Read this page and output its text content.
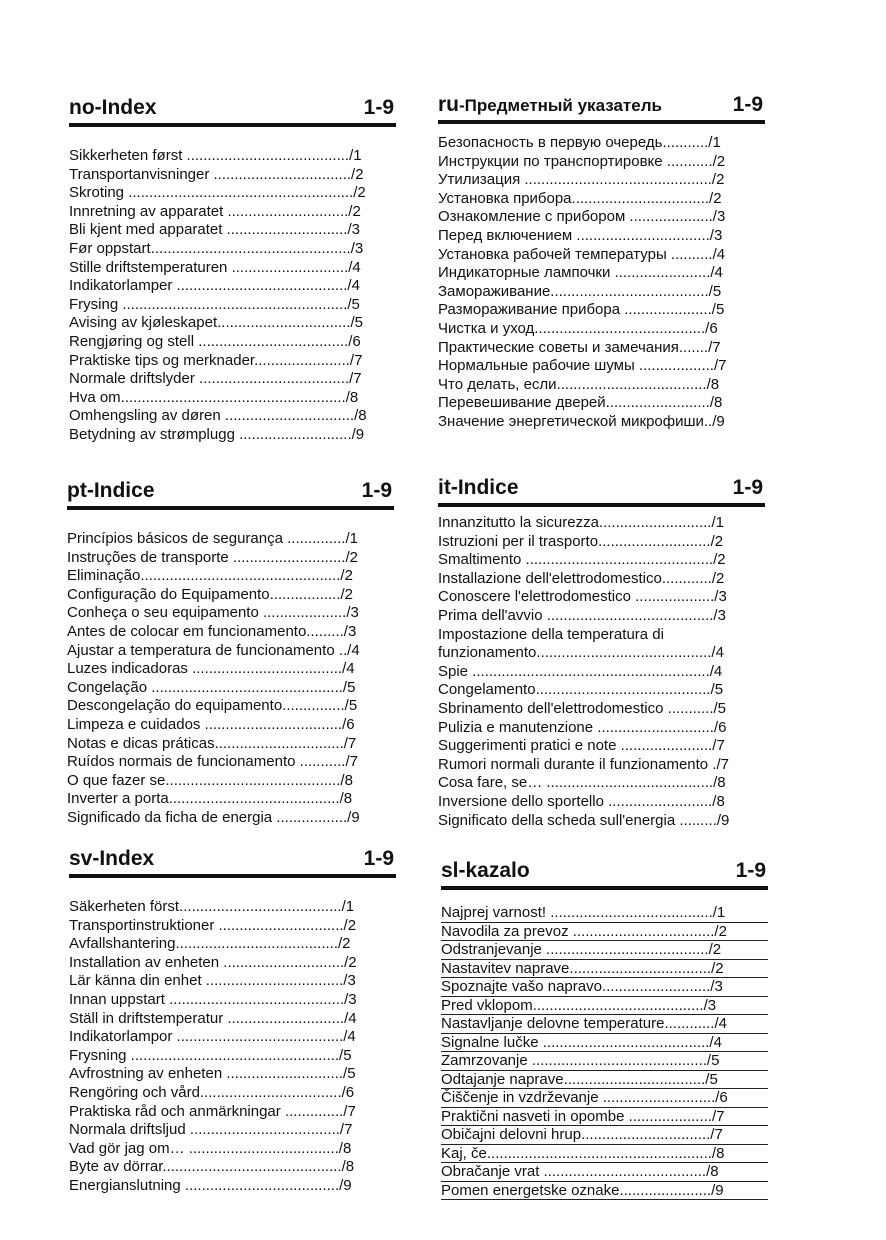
no-Index	1-9
Sikkerheten først ......................................./1
Transportanvisninger ................................./2
Skroting ....................................................../2
Innretning av apparatet ............................./2
Bli kjent med apparatet ............................./3
Før oppstart................................................/3
Stille driftstemperaturen ............................/4
Indikatorlamper ........................................./4
Frysing ....................................................../5
Avising av kjøleskapet................................/5
Rengjøring og stell ..................................../6
Praktiske tips og merknader......................./7
Normale driftslyder ..................................../7
Hva om....................................................../8
Omhengsling av døren .............................../8
Betydning av strømplugg .........................../9
ru-Предметный указатель	1-9
Безопасность в первую очередь.........../1
Инструкции по транспортировке .........../2
Утилизация ............................................./2
Установка прибора................................./2
Ознакомление с прибором ..................../3
Перед включением ................................/3
Установка рабочей температуры ........../4
Индикаторные лампочки ......................./4
Замораживание....................................../5
Размораживание прибора ...................../5
Чистка и уход........................................./6
Практические советы и замечания......./7
Нормальные рабочие шумы ................../7
Что делать, если..................................../8
Перевешивание дверей........................./8
Значение энергетической микрофиши../9
pt-Indice	1-9
Princípios básicos de segurança ............../1
Instruções de transporte .........................../2
Eliminação................................................/2
Configuração do Equipamento................./2
Conheça o seu equipamento ..................../3
Antes de colocar em funcionamento........./3
Ajustar a temperatura de funcionamento ../4
Luzes indicadoras ..................................../4
Congelação ............................................../5
Descongelação do equipamento.............../5
Limpeza e cuidados ................................./6
Notas e dicas práticas.............................../7
Ruídos normais de funcionamento .........../7
O que fazer se........................................../8
Inverter a porta........................................./8
Significado da ficha de energia ................./9
it-Indice	1-9
Innanzitutto la sicurezza.........................../1
Istruzioni per il trasporto.........................../2
Smaltimento ............................................./2
Installazione dell'elettrodomestico............/2
Conoscere l'elettrodomestico .................../3
Prima dell'avvio ......................................../3
Impostazione della temperatura di
funzionamento........................................../4
Spie ........................................................./4
Congelamento........................................../5
Sbrinamento dell'elettrodomestico .........../5
Pulizia e manutenzione ............................/6
Suggerimenti pratici e note ....................../7
Rumori normali durante il funzionamento ./7
Cosa fare, se… ......................................../8
Inversione dello sportello ........................./8
Significato della scheda sull'energia ........./9
sv-Index	1-9
Säkerheten först......................................./1
Transportinstruktioner ............................../2
Avfallshantering......................................./2
Installation av enheten ............................./2
Lär känna din enhet ................................./3
Innan uppstart ........................................../3
Ställ in driftstemperatur ............................/4
Indikatorlampor ......................................../4
Frysning ................................................../5
Avfrostning av enheten ............................/5
Rengöring och vård................................../6
Praktiska råd och anmärkningar ............../7
Normala driftsljud ..................................../7
Vad gör jag om… ..................................../8
Byte av dörrar.........................................../8
Energianslutning ...................................../9
sl-kazalo	1-9
Najprej varnost! ......................................./1
Navodila za prevoz ................................../2
Odstranjevanje ......................................./2
Nastavitev naprave................................../2
Spoznajte vašo napravo........................../3
Pred vklopom........................................./3
Nastavljanje delovne temperature............/4
Signalne lučke ......................................../4
Zamrzovanje ........................................../5
Odtajanje naprave................................../5
Čiščenje in vzdrževanje .........................../6
Praktični nasveti in opombe ..................../7
Običajni delovni hrup.............................../7
Kaj, če....................................................../8
Obračanje vrat ......................................./8
Pomen energetske oznake....................../9
